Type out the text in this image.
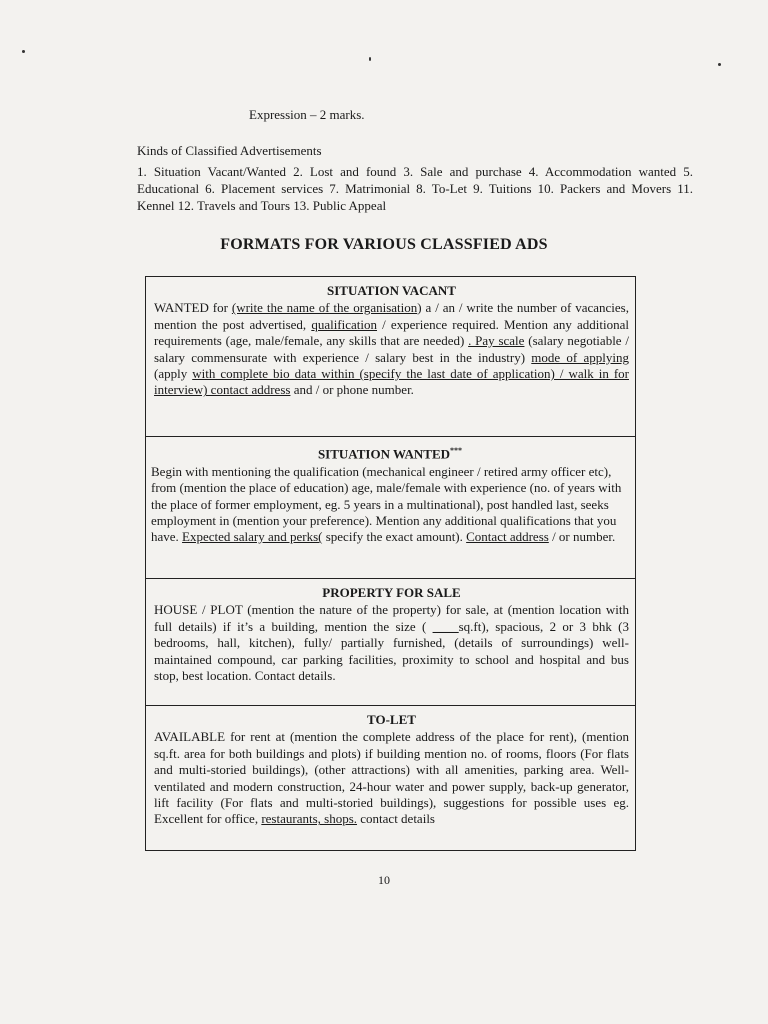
Expression – 2 marks.
Kinds of Classified Advertisements
1. Situation Vacant/Wanted 2. Lost and found 3. Sale and purchase 4. Accommodation wanted 5. Educational 6. Placement services 7. Matrimonial 8. To-Let 9. Tuitions 10. Packers and Movers 11. Kennel 12. Travels and Tours 13. Public Appeal
FORMATS FOR VARIOUS CLASSFIED ADS
SITUATION VACANT
WANTED for (write the name of the organisation) a / an / write the number of vacancies, mention the post advertised, qualification / experience required. Mention any additional requirements (age, male/female, any skills that are needed) . Pay scale (salary negotiable / salary commensurate with experience / salary best in the industry) mode of applying (apply with complete bio data within (specify the last date of application) / walk in for interview) contact address and / or phone number.
SITUATION WANTED***
Begin with mentioning the qualification (mechanical engineer / retired army officer etc), from (mention the place of education) age, male/female with experience (no. of years with the place of former employment, eg. 5 years in a multinational), post handled last, seeks employment in (mention your preference). Mention any additional qualifications that you have. Expected salary and perks( specify the exact amount). Contact address / or number.
PROPERTY FOR SALE
HOUSE / PLOT (mention the nature of the property) for sale, at (mention location with full details) if it’s a building, mention the size ( ____sq.ft), spacious, 2 or 3 bhk (3 bedrooms, hall, kitchen), fully/ partially furnished, (details of surroundings) well-maintained compound, car parking facilities, proximity to school and hospital and bus stop, best location. Contact details.
TO-LET
AVAILABLE for rent at (mention the complete address of the place for rent), (mention sq.ft. area for both buildings and plots) if building mention no. of rooms, floors (For flats and multi-storied buildings), (other attractions) with all amenities, parking area. Well-ventilated and modern construction, 24-hour water and power supply, back-up generator, lift facility (For flats and multi-storied buildings), suggestions for possible uses eg. Excellent for office, restaurants, shops. contact details
10
